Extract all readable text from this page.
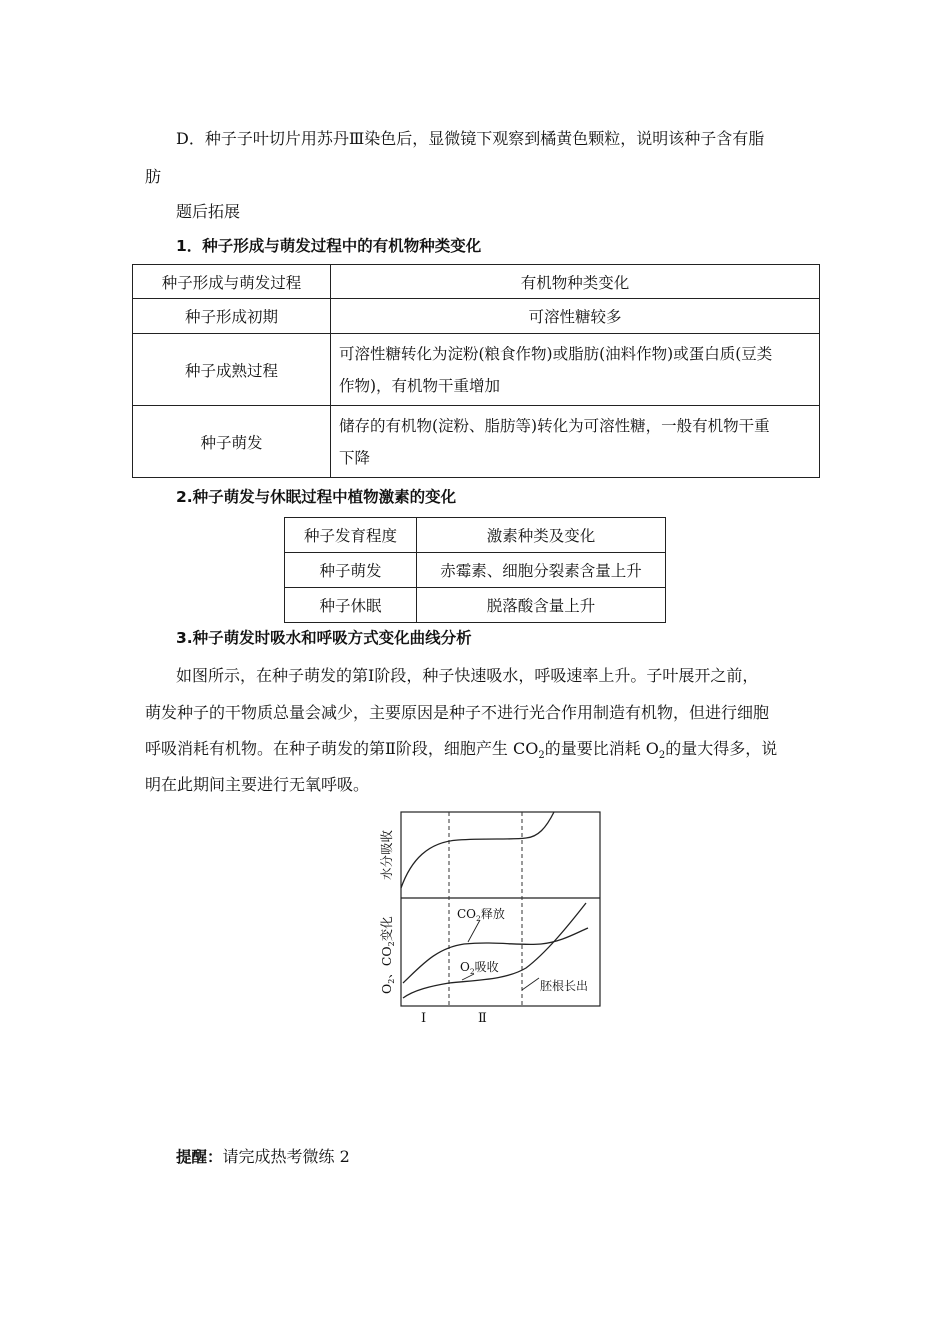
D．种子子叶切片用苏丹Ⅲ染色后，显微镜下观察到橘黄色颗粒，说明该种子含有脂
肪
题后拓展
1．种子形成与萌发过程中的有机物种类变化
种子形成与萌发过程	有机物种类变化
种子形成初期	可溶性糖较多
种子成熟过程	可溶性糖转化为淀粉(粮食作物)或脂肪(油料作物)或蛋白质(豆类
作物)，有机物干重增加

种子萌发	储存的有机物(淀粉、脂肪等)转化为可溶性糖，一般有机物干重
下降
2.种子萌发与休眠过程中植物激素的变化
种子发育程度	激素种类及变化
种子萌发	赤霉素、细胞分裂素含量上升
种子休眠	脱落酸含量上升
3.种子萌发时吸水和呼吸方式变化曲线分析
如图所示，在种子萌发的第Ⅰ阶段，种子快速吸水，呼吸速率上升。子叶展开之前，
萌发种子的干物质总量会减少，主要原因是种子不进行光合作用制造有机物，但进行细胞
呼吸消耗有机物。在种子萌发的第Ⅱ阶段，细胞产生 $CO_2$的量要比消耗 $O_2$的量大得多，说
明在此期间主要进行无氧呼吸。
水分吸收
$O_2$、$CO_2$变化
$CO_2$释放
$O_2$吸收
胚根长出
Ⅰ	Ⅱ
提醒：请完成热考微练 2
